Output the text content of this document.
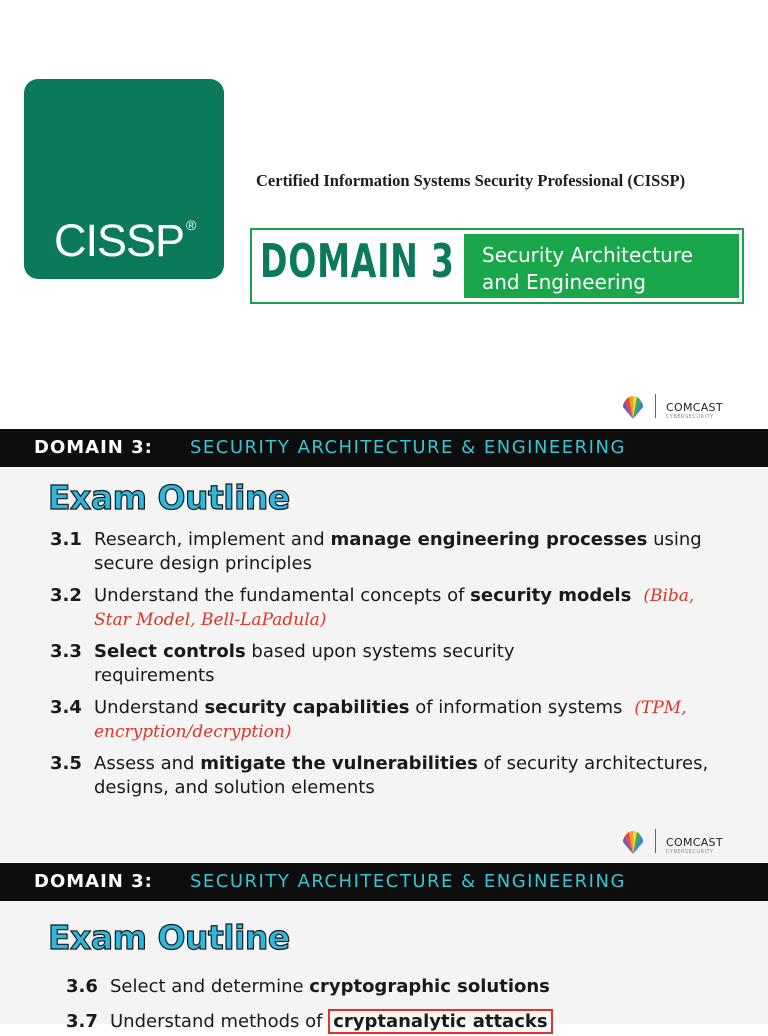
CISSP ®
Certified Information Systems Security Professional (CISSP)
DOMAIN 3 Security Architecture
and Engineering
COMCAST
CYBERSECURITY
DOMAIN 3: SECURITY ARCHITECTURE & ENGINEERING
Exam Outline
3.1 Research, implement and manage engineering processes using secure design principles
3.2 Understand the fundamental concepts of security models (Biba, Star Model, Bell-LaPadula)
3.3 Select controls based upon systems security requirements
3.4 Understand security capabilities of information systems (TPM, encryption/decryption)
3.5 Assess and mitigate the vulnerabilities of security architectures, designs, and solution elements
COMCAST
CYBERSECURITY
DOMAIN 3: SECURITY ARCHITECTURE & ENGINEERING
Exam Outline
3.6 Select and determine cryptographic solutions
3.7 Understand methods of cryptanalytic attacks
